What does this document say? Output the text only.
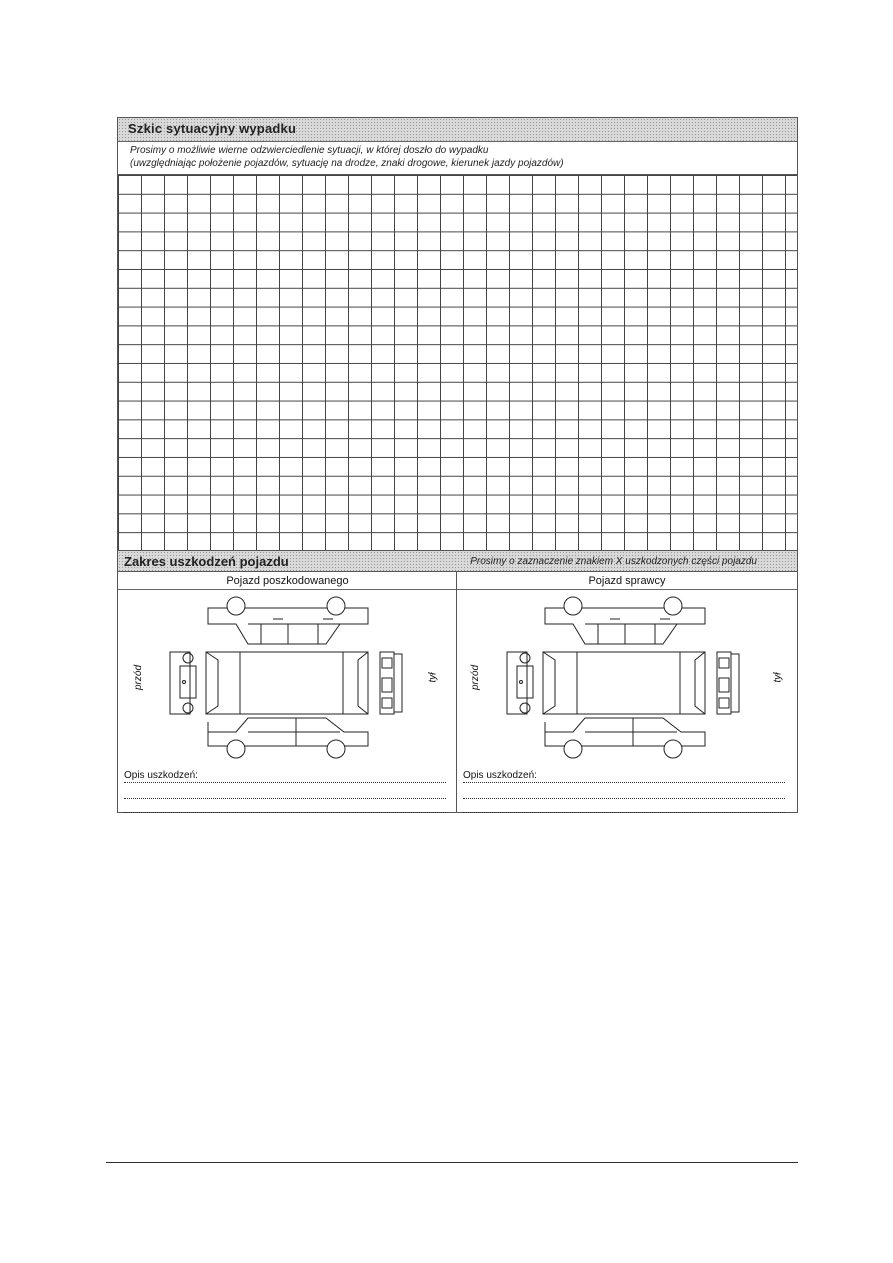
Szkic sytuacyjny wypadku
Prosimy o możliwie wierne odzwierciedlenie sytuacji, w której doszło do wypadku
(uwzględniając położenie pojazdów, sytuację na drodze, znaki drogowe, kierunek jazdy pojazdów)
Zakres uszkodzeń pojazdu	Prosimy o zaznaczenie znakiem X uszkodzonych części pojazdu
Pojazd poszkodowanego	Pojazd sprawcy
przód	tył
Opis uszkodzeń:
przód	tył
Opis uszkodzeń:
